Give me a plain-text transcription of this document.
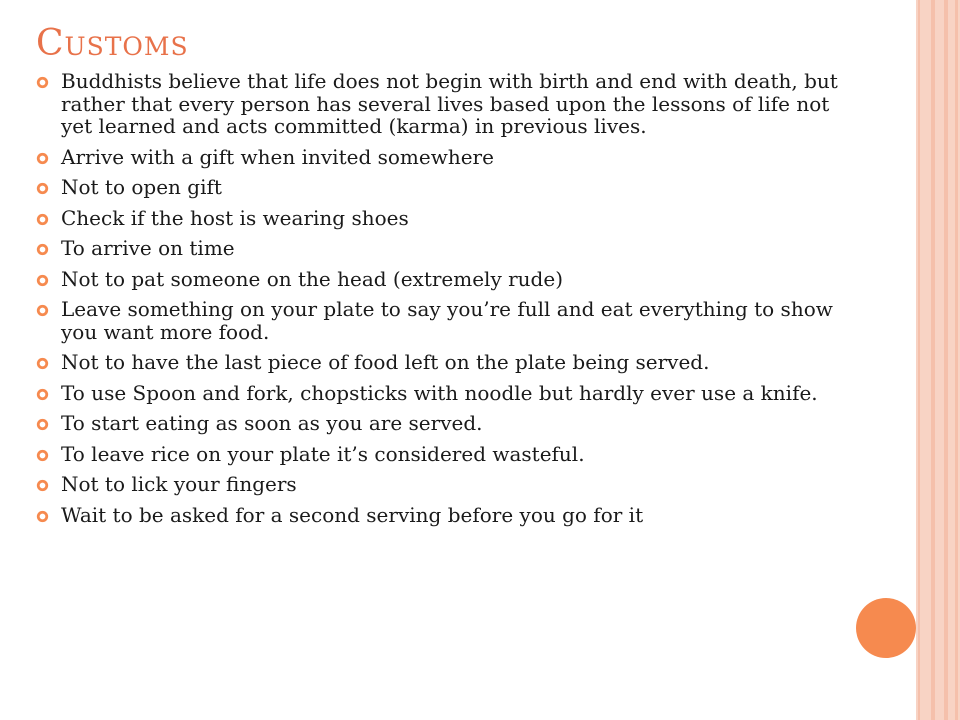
Customs
Buddhists believe that life does not begin with birth and end with death, but rather that every person has several lives based upon the lessons of life not yet learned and acts committed (karma) in previous lives.
Arrive with a gift when invited somewhere
Not to open gift
Check if the host is wearing shoes
To arrive on time
Not to pat someone on the head (extremely rude)
Leave something on your plate to say you’re full and eat everything to show you want more food.
Not to have the last piece of food left on the plate being served.
To use Spoon and fork, chopsticks with noodle but hardly ever use a knife.
To start eating as soon as you are served.
To leave rice on your plate it’s considered wasteful.
Not to lick your fingers
Wait to be asked for a second serving before you go for it
